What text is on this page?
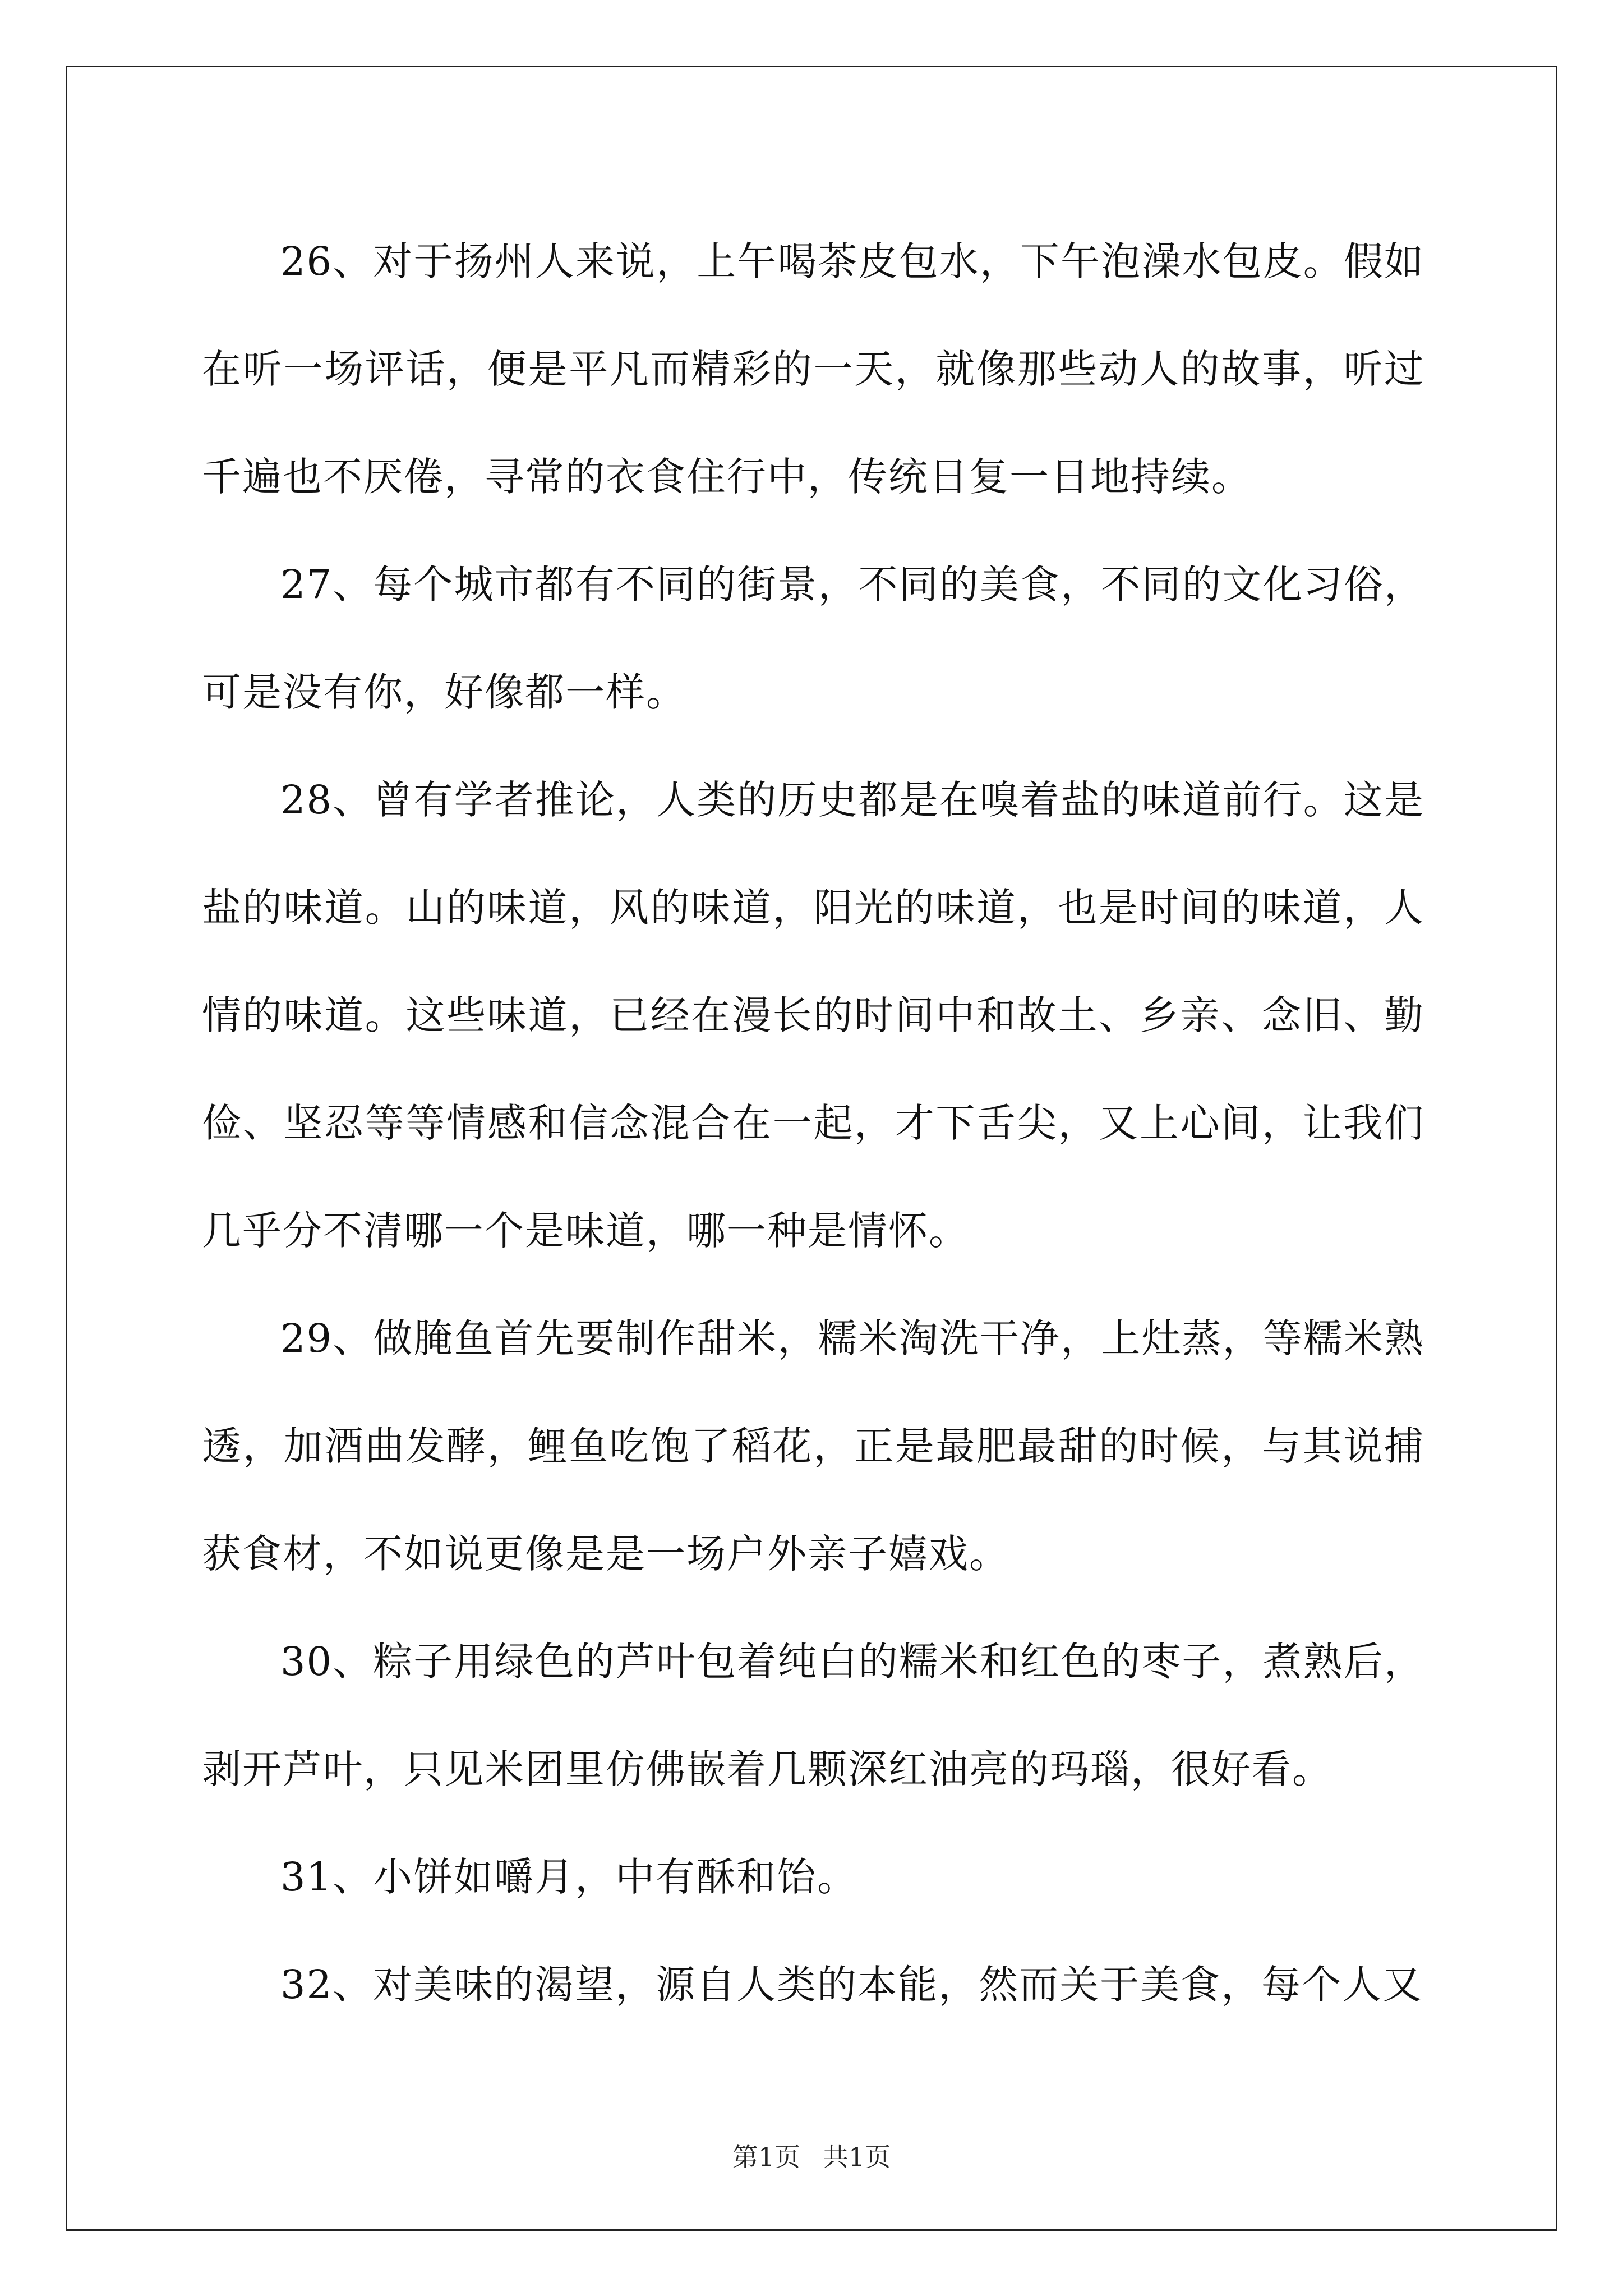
26、对于扬州人来说，上午喝茶皮包水，下午泡澡水包皮。假如在听一场评话，便是平凡而精彩的一天，就像那些动人的故事，听过千遍也不厌倦，寻常的衣食住行中，传统日复一日地持续。

27、每个城市都有不同的街景，不同的美食，不同的文化习俗，可是没有你，好像都一样。

28、曾有学者推论，人类的历史都是在嗅着盐的味道前行。这是盐的味道。山的味道，风的味道，阳光的味道，也是时间的味道，人情的味道。这些味道，已经在漫长的时间中和故土、乡亲、念旧、勤俭、坚忍等等情感和信念混合在一起，才下舌尖，又上心间，让我们几乎分不清哪一个是味道，哪一种是情怀。

29、做腌鱼首先要制作甜米，糯米淘洗干净，上灶蒸，等糯米熟透，加酒曲发酵，鲤鱼吃饱了稻花，正是最肥最甜的时候，与其说捕获食材，不如说更像是是一场户外亲子嬉戏。

30、粽子用绿色的芦叶包着纯白的糯米和红色的枣子，煮熟后，剥开芦叶，只见米团里仿佛嵌着几颗深红油亮的玛瑙，很好看。

31、小饼如嚼月，中有酥和饴。

32、对美味的渴望，源自人类的本能，然而关于美食，每个人又

第1页 共1页
